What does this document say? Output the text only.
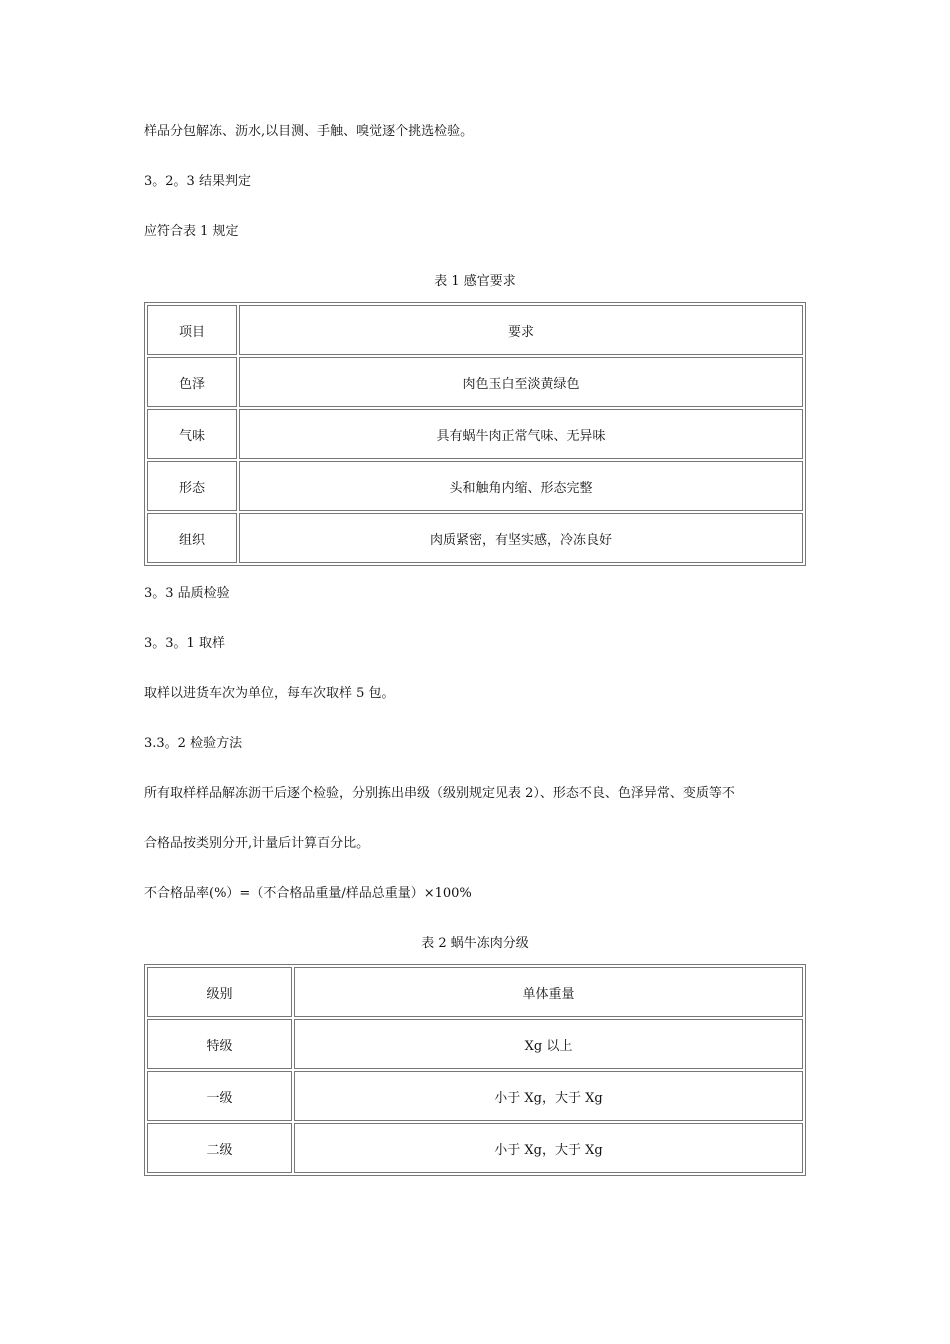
样品分包解冻、沥水,以目测、手触、嗅觉逐个挑选检验。
3。2。3 结果判定
应符合表 1 规定
表 1 感官要求
项目	要求
色泽	肉色玉白至淡黄绿色
气味	具有蜗牛肉正常气味、无异味
形态	头和触角内缩、形态完整
组织	肉质紧密，有坚实感，冷冻良好
3。3 品质检验
3。3。1 取样
取样以进货车次为单位，每车次取样 5 包。
3.3。2 检验方法
所有取样样品解冻沥干后逐个检验，分别拣出串级（级别规定见表 2）、形态不良、色泽异常、变质等不
合格品按类别分开,计量后计算百分比。
不合格品率(%）=（不合格品重量/样品总重量）×100%
表 2 蜗牛冻肉分级
级别	单体重量
特级	Xg 以上
一级	小于 Xg，大于 Xg
二级	小于 Xg，大于 Xg
